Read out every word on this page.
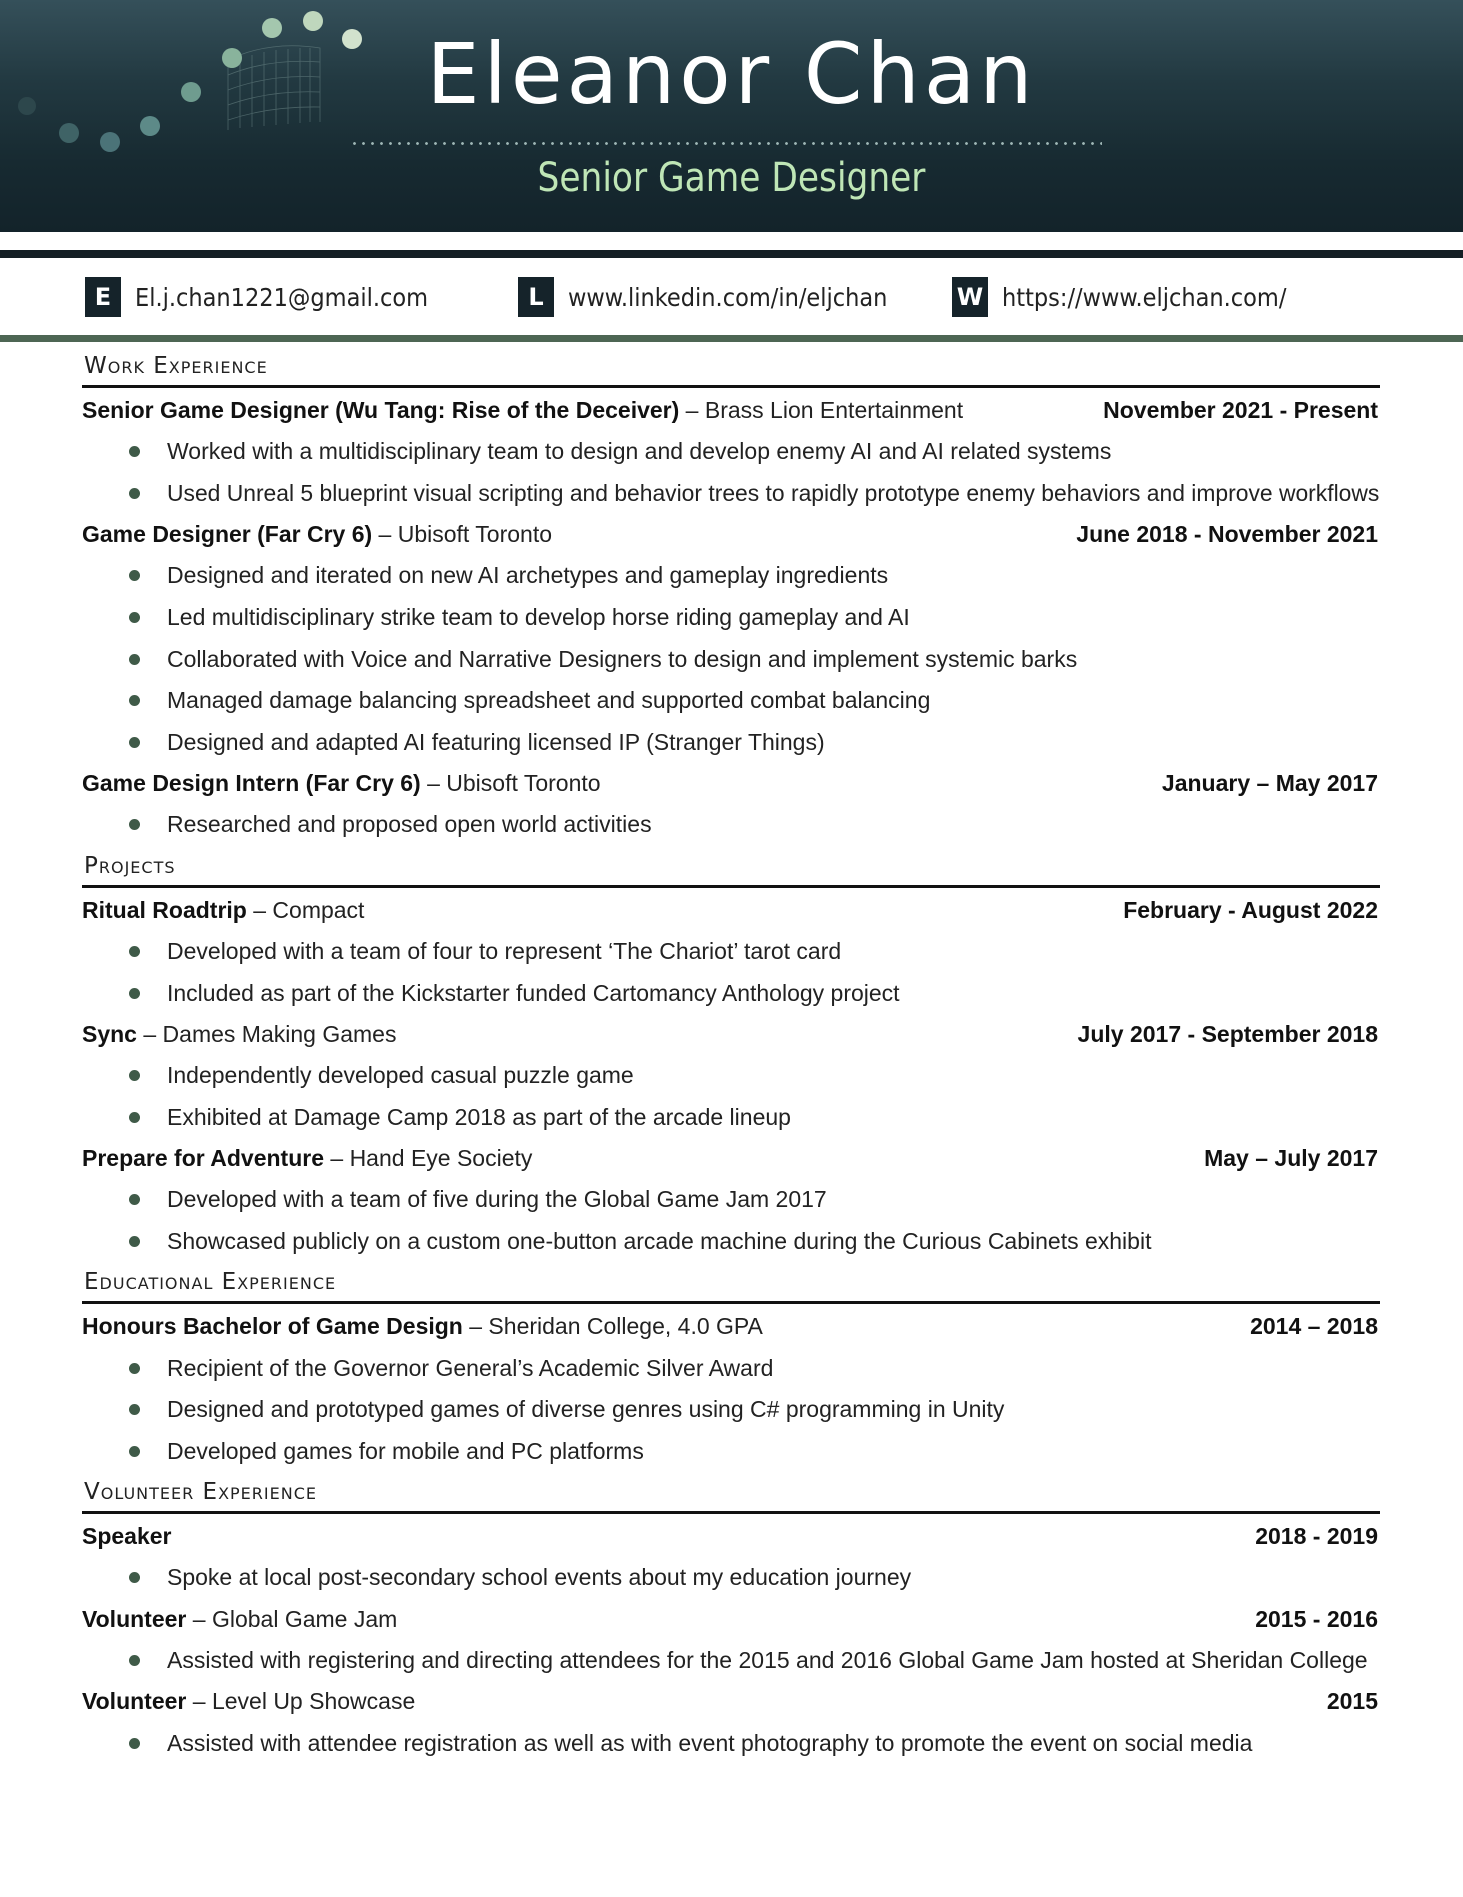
Eleanor Chan
Senior Game Designer
E El.j.chan1221@gmail.com	L www.linkedin.com/in/eljchan	W https://www.eljchan.com/
Work Experience
Senior Game Designer (Wu Tang: Rise of the Deceiver) – Brass Lion Entertainment	November 2021 - Present
Worked with a multidisciplinary team to design and develop enemy AI and AI related systems
Used Unreal 5 blueprint visual scripting and behavior trees to rapidly prototype enemy behaviors and improve workflows
Game Designer (Far Cry 6) – Ubisoft Toronto	June 2018 - November 2021
Designed and iterated on new AI archetypes and gameplay ingredients
Led multidisciplinary strike team to develop horse riding gameplay and AI
Collaborated with Voice and Narrative Designers to design and implement systemic barks
Managed damage balancing spreadsheet and supported combat balancing
Designed and adapted AI featuring licensed IP (Stranger Things)
Game Design Intern (Far Cry 6) – Ubisoft Toronto	January – May 2017
Researched and proposed open world activities
Projects
Ritual Roadtrip – Compact	February - August 2022
Developed with a team of four to represent ‘The Chariot’ tarot card
Included as part of the Kickstarter funded Cartomancy Anthology project
Sync – Dames Making Games	July 2017 - September 2018
Independently developed casual puzzle game
Exhibited at Damage Camp 2018 as part of the arcade lineup
Prepare for Adventure – Hand Eye Society	May – July 2017
Developed with a team of five during the Global Game Jam 2017
Showcased publicly on a custom one-button arcade machine during the Curious Cabinets exhibit
Educational Experience
Honours Bachelor of Game Design – Sheridan College, 4.0 GPA	2014 – 2018
Recipient of the Governor General’s Academic Silver Award
Designed and prototyped games of diverse genres using C# programming in Unity
Developed games for mobile and PC platforms
Volunteer Experience
Speaker	2018 - 2019
Spoke at local post-secondary school events about my education journey
Volunteer – Global Game Jam	2015 - 2016
Assisted with registering and directing attendees for the 2015 and 2016 Global Game Jam hosted at Sheridan College
Volunteer – Level Up Showcase	2015
Assisted with attendee registration as well as with event photography to promote the event on social media
